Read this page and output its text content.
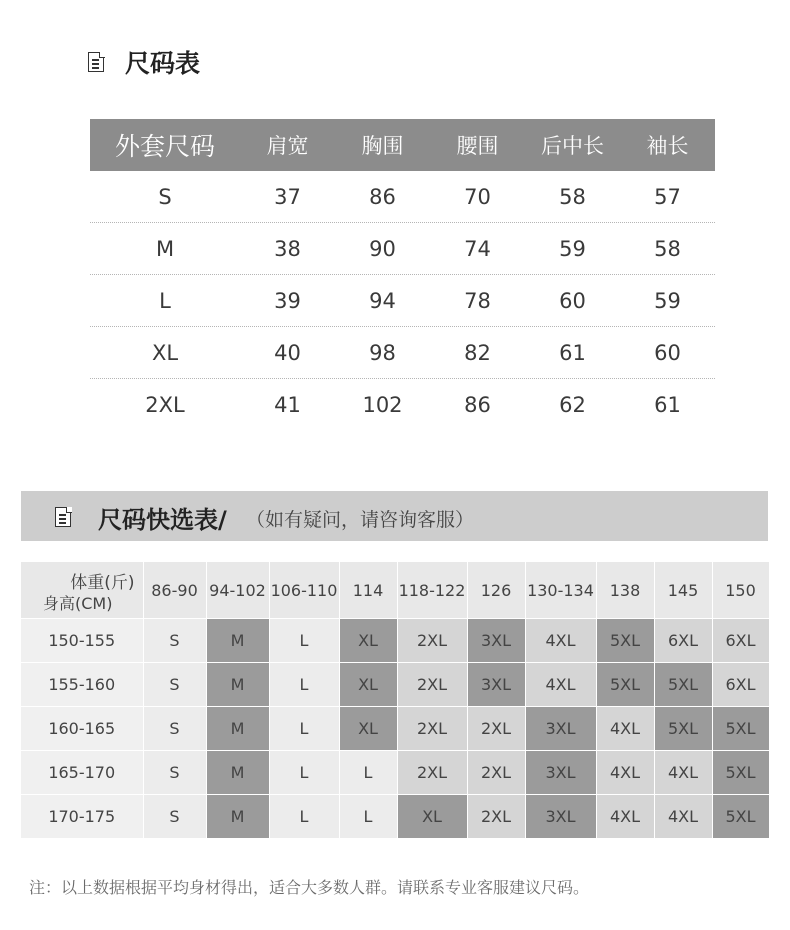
尺码表
外套尺码	肩宽	胸围	腰围	后中长	袖长
S	37	86	70	58	57
M	38	90	74	59	58
L	39	94	78	60	59
XL	40	98	82	61	60
2XL	41	102	86	62	61
尺码快选表/ （如有疑问，请咨询客服）
体重(斤)
身高(CM)	86-90	94-102	106-110	114	118-122	126	130-134	138	145	150
150-155	S	M	L	XL	2XL	3XL	4XL	5XL	6XL	6XL
155-160	S	M	L	XL	2XL	3XL	4XL	5XL	5XL	6XL
160-165	S	M	L	XL	2XL	2XL	3XL	4XL	5XL	5XL
165-170	S	M	L	L	2XL	2XL	3XL	4XL	4XL	5XL
170-175	S	M	L	L	XL	2XL	3XL	4XL	4XL	5XL
注：以上数据根据平均身材得出，适合大多数人群。请联系专业客服建议尺码。
